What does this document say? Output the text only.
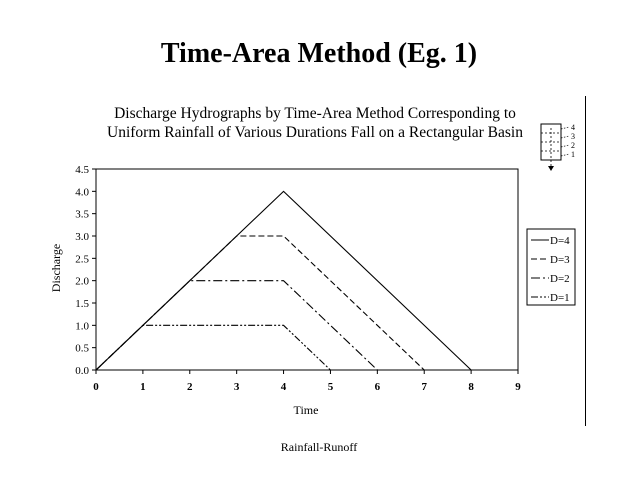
Time-Area Method (Eg. 1)
Discharge Hydrographs by Time-Area Method Corresponding to
Uniform Rainfall of Various Durations Fall on a Rectangular Basin
0.0
0.5
1.0
1.5
2.0
2.5
3.0
3.5
4.0
4.5
0	1	2	3	4	5	6	7	8	9
Discharge
Time
D=4
D=3
D=2
D=1
4
3
2
1
Rainfall-Runoff
